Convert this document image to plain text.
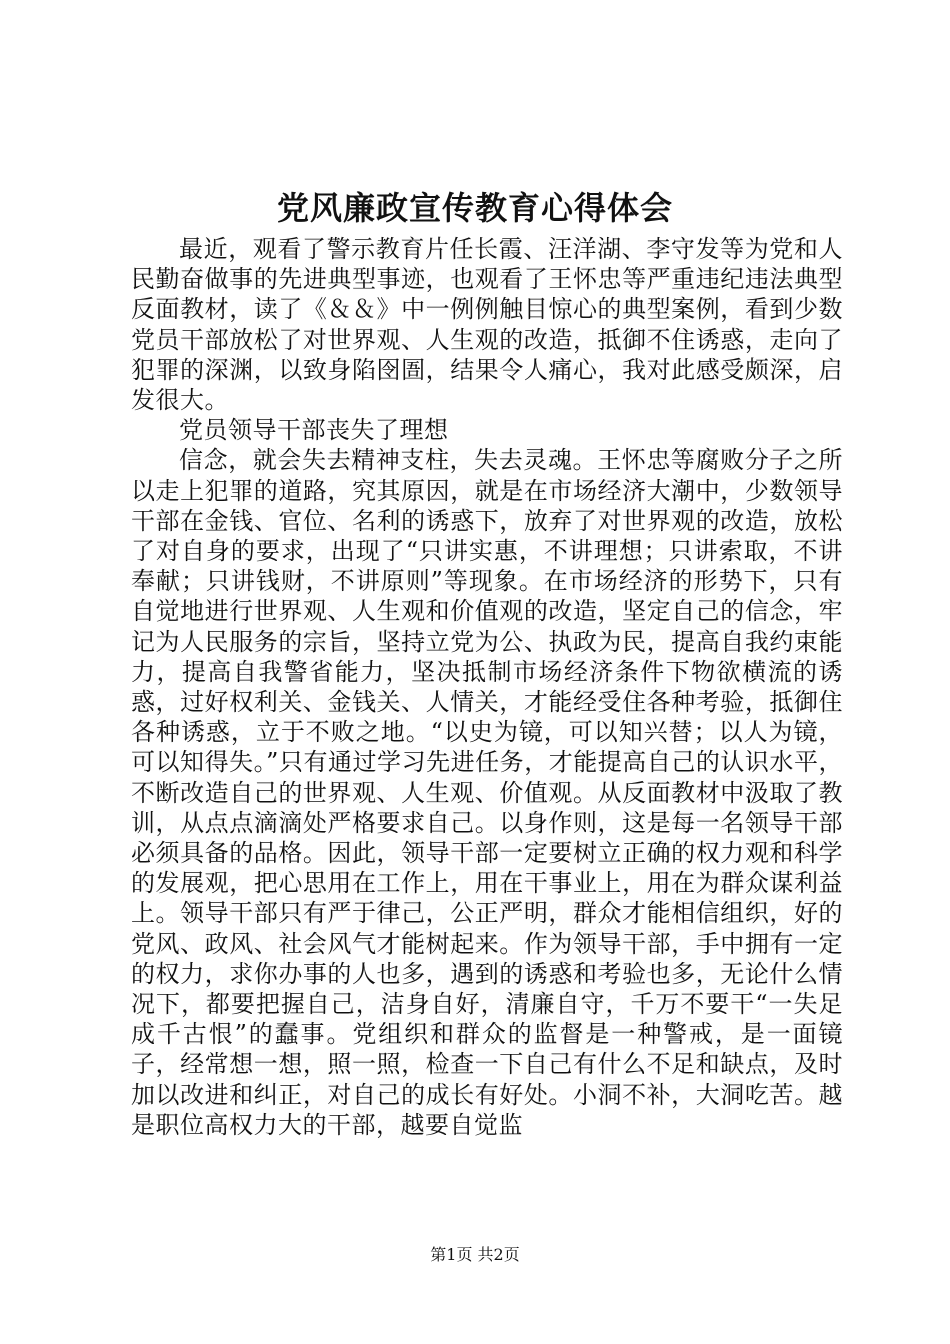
党风廉政宣传教育心得体会

最近，观看了警示教育片任长霞、汪洋湖、李守发等为党和人民勤奋做事的先进典型事迹，也观看了王怀忠等严重违纪违法典型反面教材，读了《＆＆》中一例例触目惊心的典型案例，看到少数党员干部放松了对世界观、人生观的改造，抵御不住诱惑，走向了犯罪的深渊，以致身陷囹圄，结果令人痛心，我对此感受颇深，启发很大。

党员领导干部丧失了理想

信念，就会失去精神支柱，失去灵魂。王怀忠等腐败分子之所以走上犯罪的道路，究其原因，就是在市场经济大潮中，少数领导干部在金钱、官位、名利的诱惑下，放弃了对世界观的改造，放松了对自身的要求，出现了“只讲实惠，不讲理想；只讲索取，不讲奉献；只讲钱财，不讲原则”等现象。在市场经济的形势下，只有自觉地进行世界观、人生观和价值观的改造，坚定自己的信念，牢记为人民服务的宗旨，坚持立党为公、执政为民，提高自我约束能力，提高自我警省能力，坚决抵制市场经济条件下物欲横流的诱惑，过好权利关、金钱关、人情关，才能经受住各种考验，抵御住各种诱惑，立于不败之地。“以史为镜，可以知兴替；以人为镜，可以知得失。”只有通过学习先进任务，才能提高自己的认识水平，不断改造自己的世界观、人生观、价值观。从反面教材中汲取了教训，从点点滴滴处严格要求自己。以身作则，这是每一名领导干部必须具备的品格。因此，领导干部一定要树立正确的权力观和科学的发展观，把心思用在工作上，用在干事业上，用在为群众谋利益上。领导干部只有严于律己，公正严明，群众才能相信组织，好的党风、政风、社会风气才能树起来。作为领导干部，手中拥有一定的权力，求你办事的人也多，遇到的诱惑和考验也多，无论什么情况下，都要把握自己，洁身自好，清廉自守，千万不要干“一失足成千古恨”的蠢事。党组织和群众的监督是一种警戒，是一面镜子，经常想一想，照一照，检查一下自己有什么不足和缺点，及时加以改进和纠正，对自己的成长有好处。小洞不补，大洞吃苦。越是职位高权力大的干部，越要自觉监

第1页 共2页
